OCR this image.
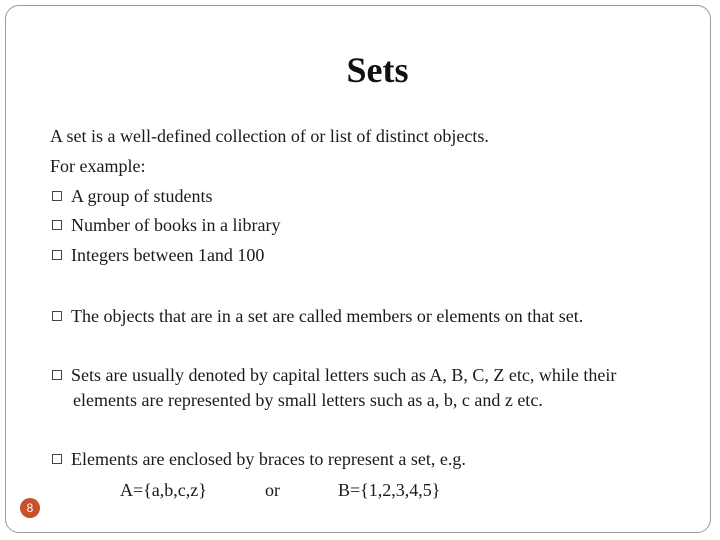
Sets
A set is a well-defined collection of or list of distinct objects.
For example:
A group of students
Number of books in a library
Integers between 1and 100
The objects that are in a set are called members or elements on that set.
Sets are usually denoted by capital letters such as A, B, C, Z etc, while their
elements are represented by small letters such as a, b, c and z etc.
Elements are enclosed by braces to represent a set, e.g.
A={a,b,c,z}	or	B={1,2,3,4,5}
8
